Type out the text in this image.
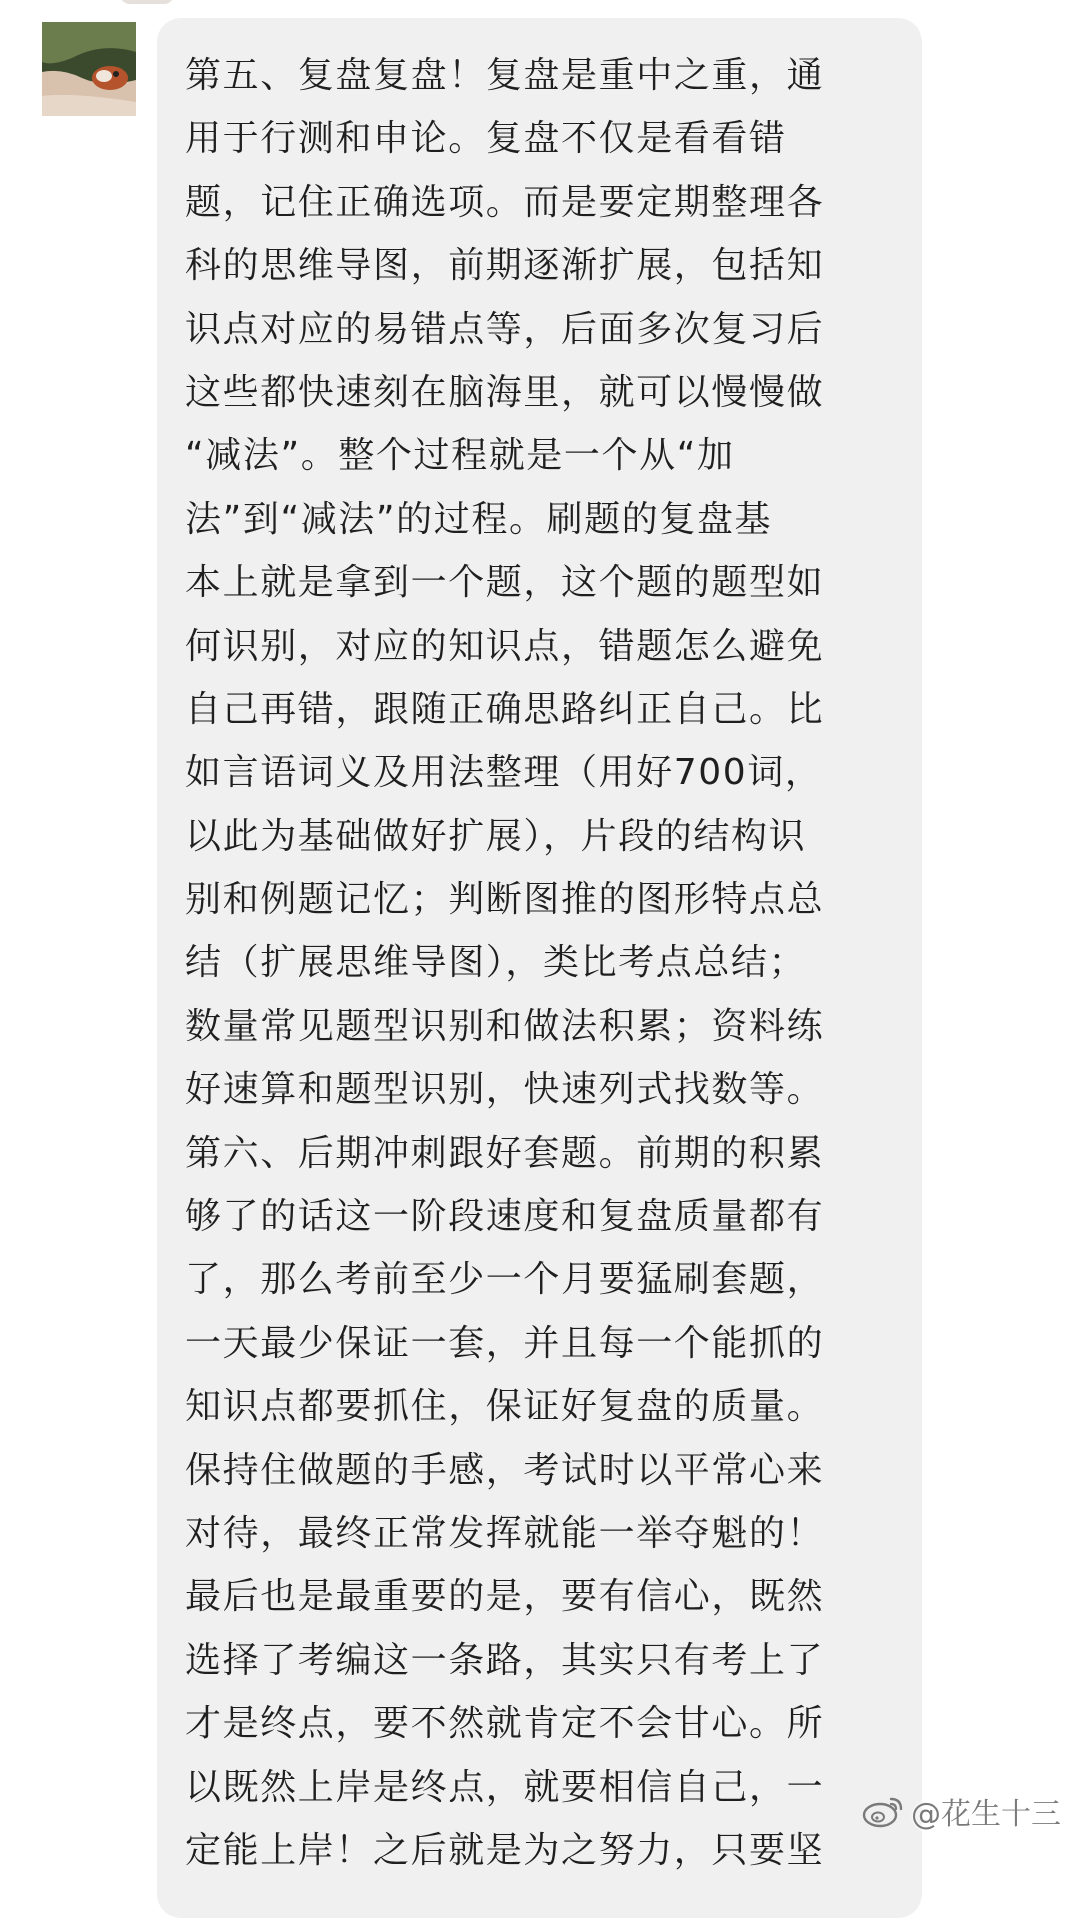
第五、复盘复盘！复盘是重中之重，通
用于行测和申论。复盘不仅是看看错
题，记住正确选项。而是要定期整理各
科的思维导图，前期逐渐扩展，包括知
识点对应的易错点等，后面多次复习后
这些都快速刻在脑海里，就可以慢慢做
“减法”。整个过程就是一个从“加
法”到“减法”的过程。刷题的复盘基
本上就是拿到一个题，这个题的题型如
何识别，对应的知识点，错题怎么避免
自己再错，跟随正确思路纠正自己。比
如言语词义及用法整理（用好700词，
以此为基础做好扩展），片段的结构识
别和例题记忆；判断图推的图形特点总
结（扩展思维导图），类比考点总结；
数量常见题型识别和做法积累；资料练
好速算和题型识别，快速列式找数等。
第六、后期冲刺跟好套题。前期的积累
够了的话这一阶段速度和复盘质量都有
了，那么考前至少一个月要猛刷套题，
一天最少保证一套，并且每一个能抓的
知识点都要抓住，保证好复盘的质量。
保持住做题的手感，考试时以平常心来
对待，最终正常发挥就能一举夺魁的！
最后也是最重要的是，要有信心，既然
选择了考编这一条路，其实只有考上了
才是终点，要不然就肯定不会甘心。所
以既然上岸是终点，就要相信自己，一
定能上岸！之后就是为之努力，只要坚
@花生十三
